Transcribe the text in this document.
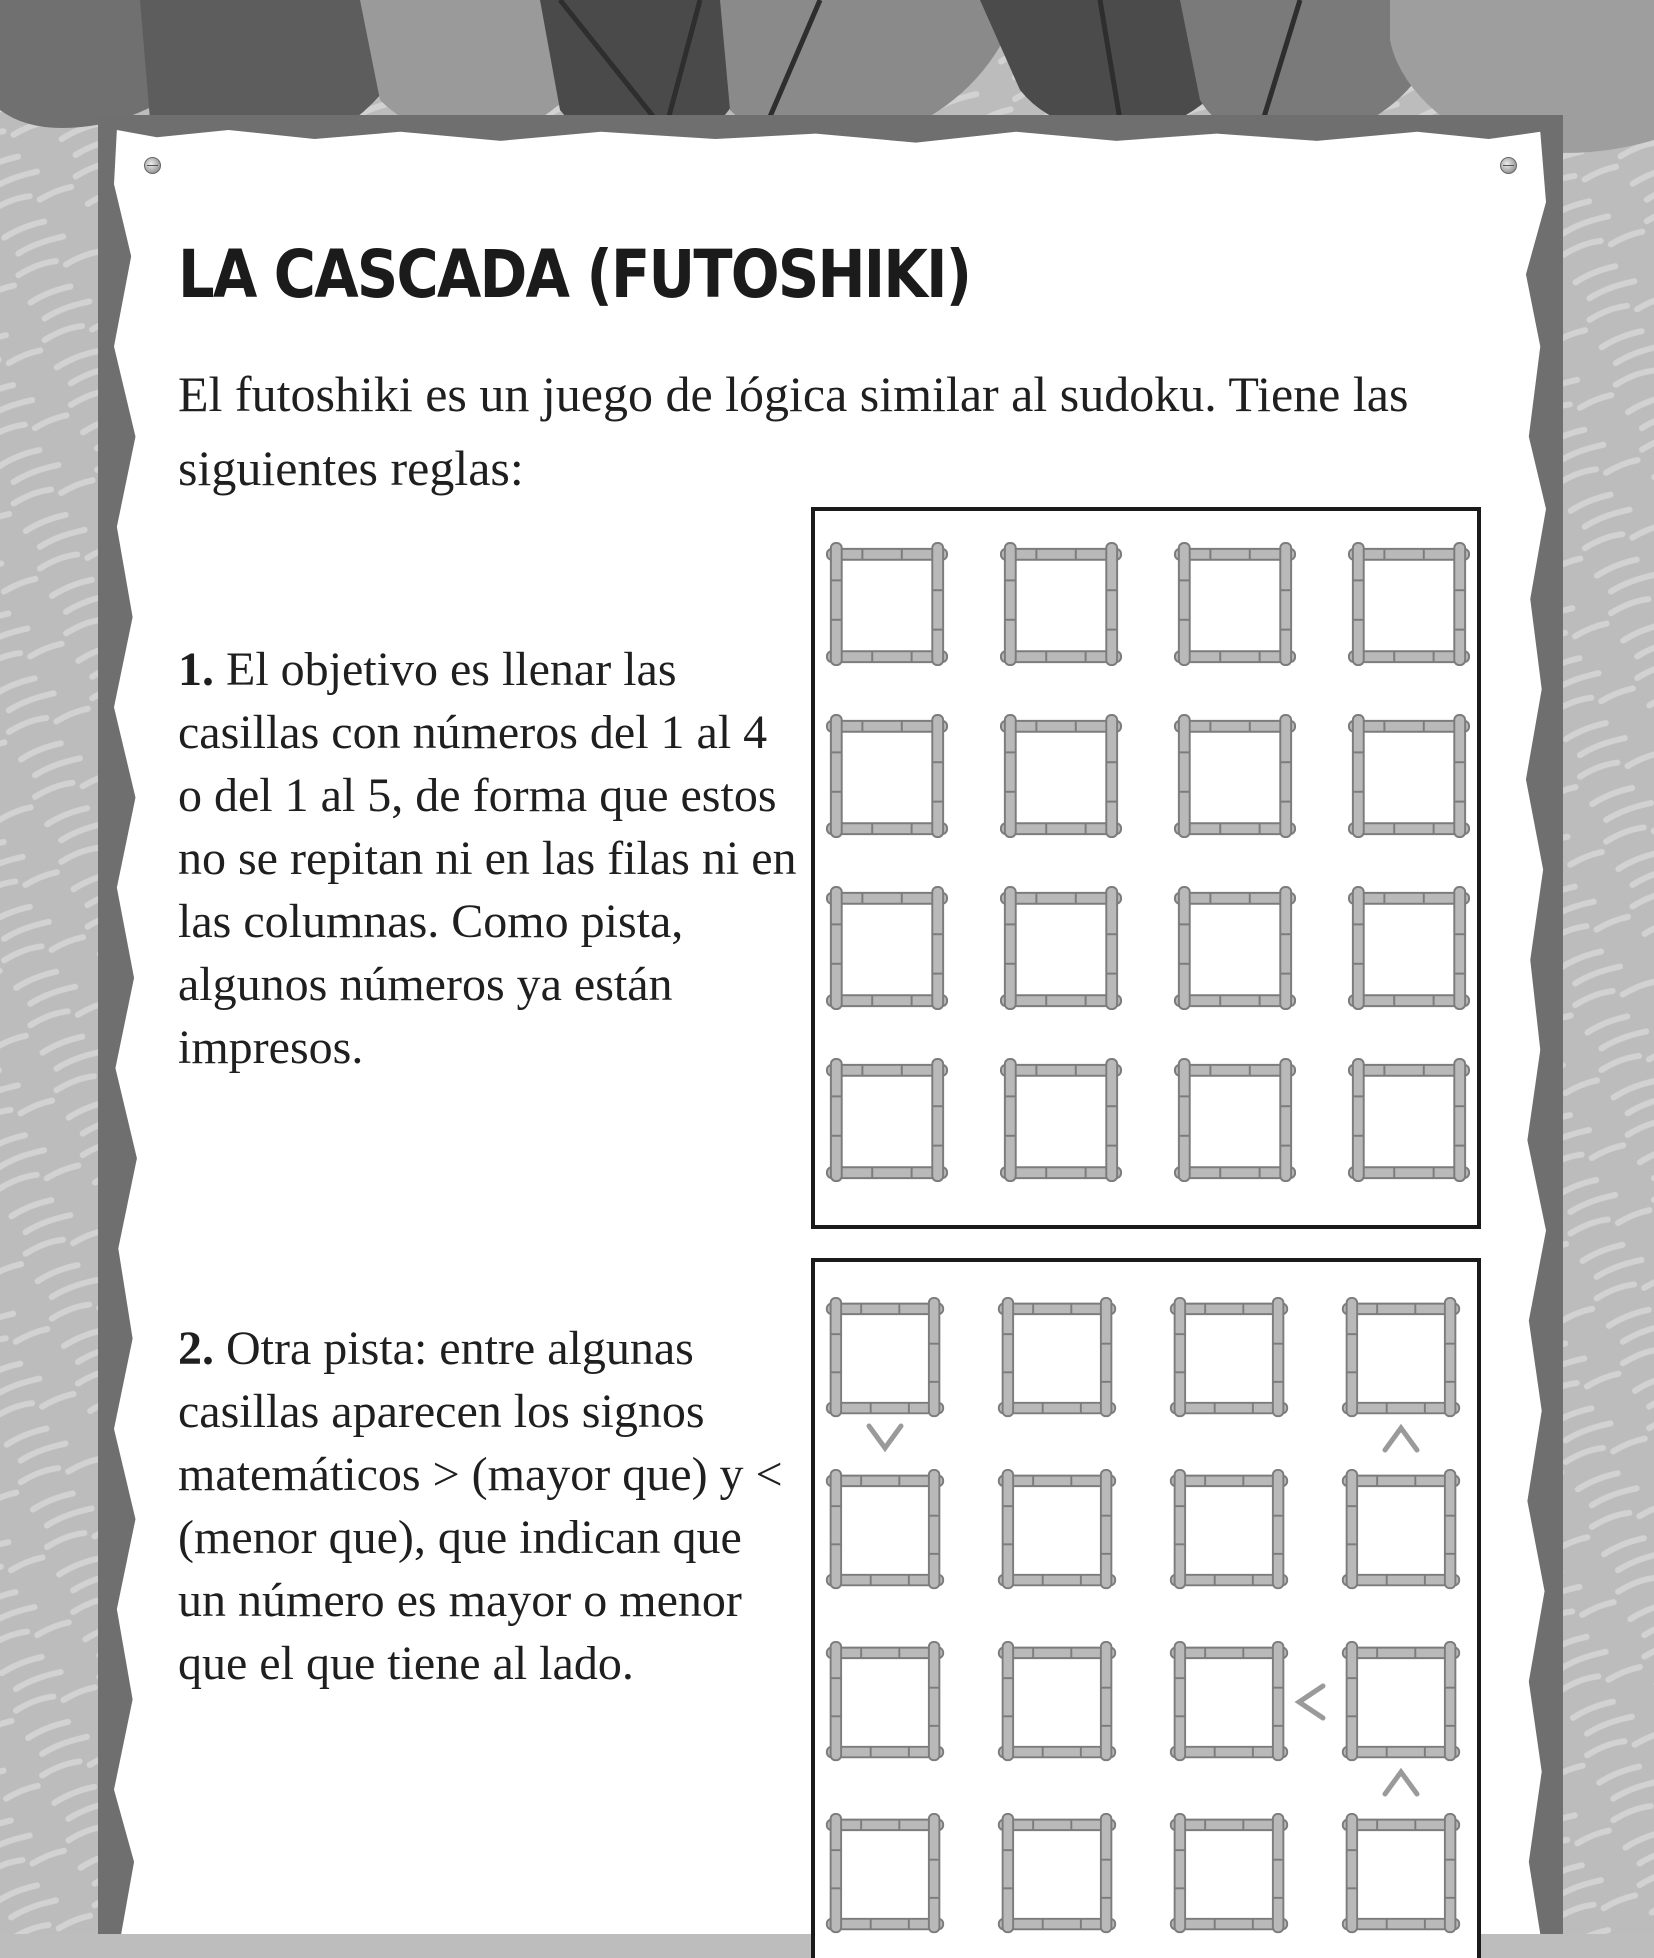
LA CASCADA (FUTOSHIKI)

El futoshiki es un juego de lógica similar al sudoku. Tiene las siguientes reglas:

1. El objetivo es llenar las casillas con números del 1 al 4 o del 1 al 5, de forma que estos no se repitan ni en las filas ni en las columnas. Como pista, algunos números ya están impresos.

2. Otra pista: entre algunas casillas aparecen los signos matemáticos > (mayor que) y < (menor que), que indican que un número es mayor o menor que el que tiene al lado.
